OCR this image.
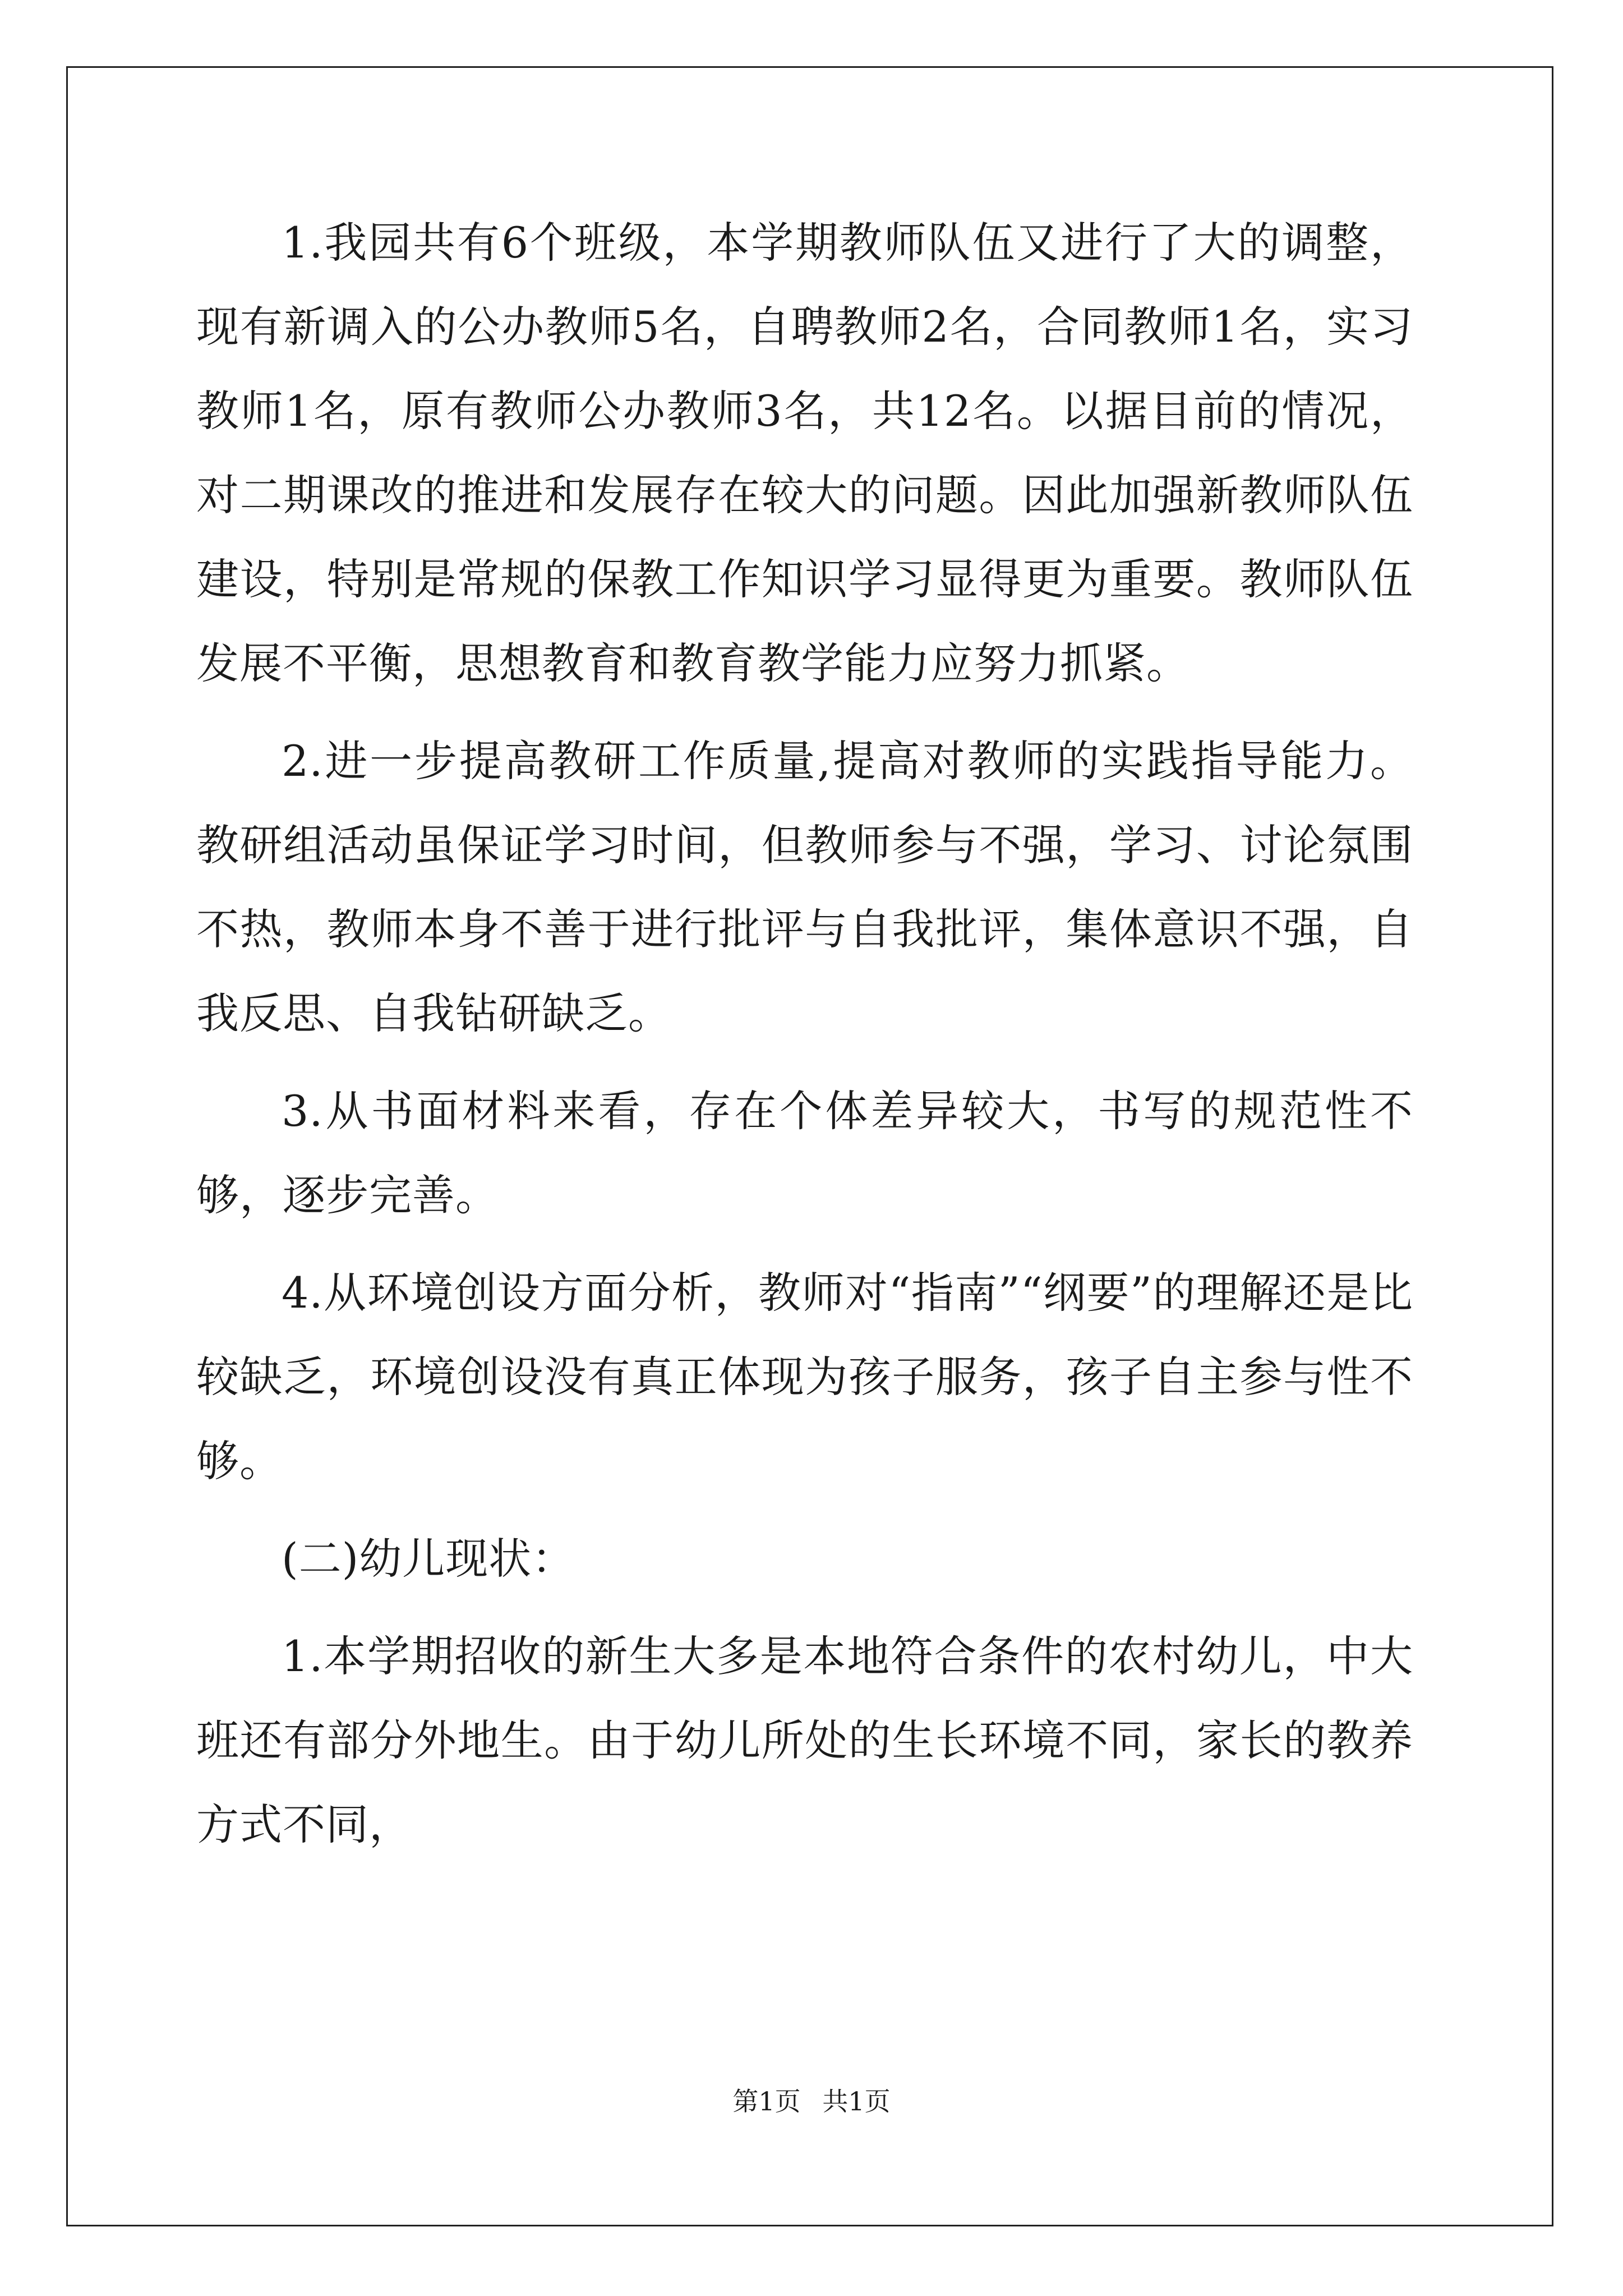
1.我园共有6个班级，本学期教师队伍又进行了大的调整，现有新调入的公办教师5名，自聘教师2名，合同教师1名，实习教师1名，原有教师公办教师3名，共12名。以据目前的情况，对二期课改的推进和发展存在较大的问题。因此加强新教师队伍建设，特别是常规的保教工作知识学习显得更为重要。教师队伍发展不平衡，思想教育和教育教学能力应努力抓紧。

2.进一步提高教研工作质量,提高对教师的实践指导能力。教研组活动虽保证学习时间，但教师参与不强，学习、讨论氛围不热，教师本身不善于进行批评与自我批评，集体意识不强，自我反思、自我钻研缺乏。

3.从书面材料来看，存在个体差异较大，书写的规范性不够，逐步完善。

4.从环境创设方面分析，教师对“指南”“纲要”的理解还是比较缺乏，环境创设没有真正体现为孩子服务，孩子自主参与性不够。

(二)幼儿现状：

1.本学期招收的新生大多是本地符合条件的农村幼儿，中大班还有部分外地生。由于幼儿所处的生长环境不同，家长的教养方式不同，

第1页 共1页
